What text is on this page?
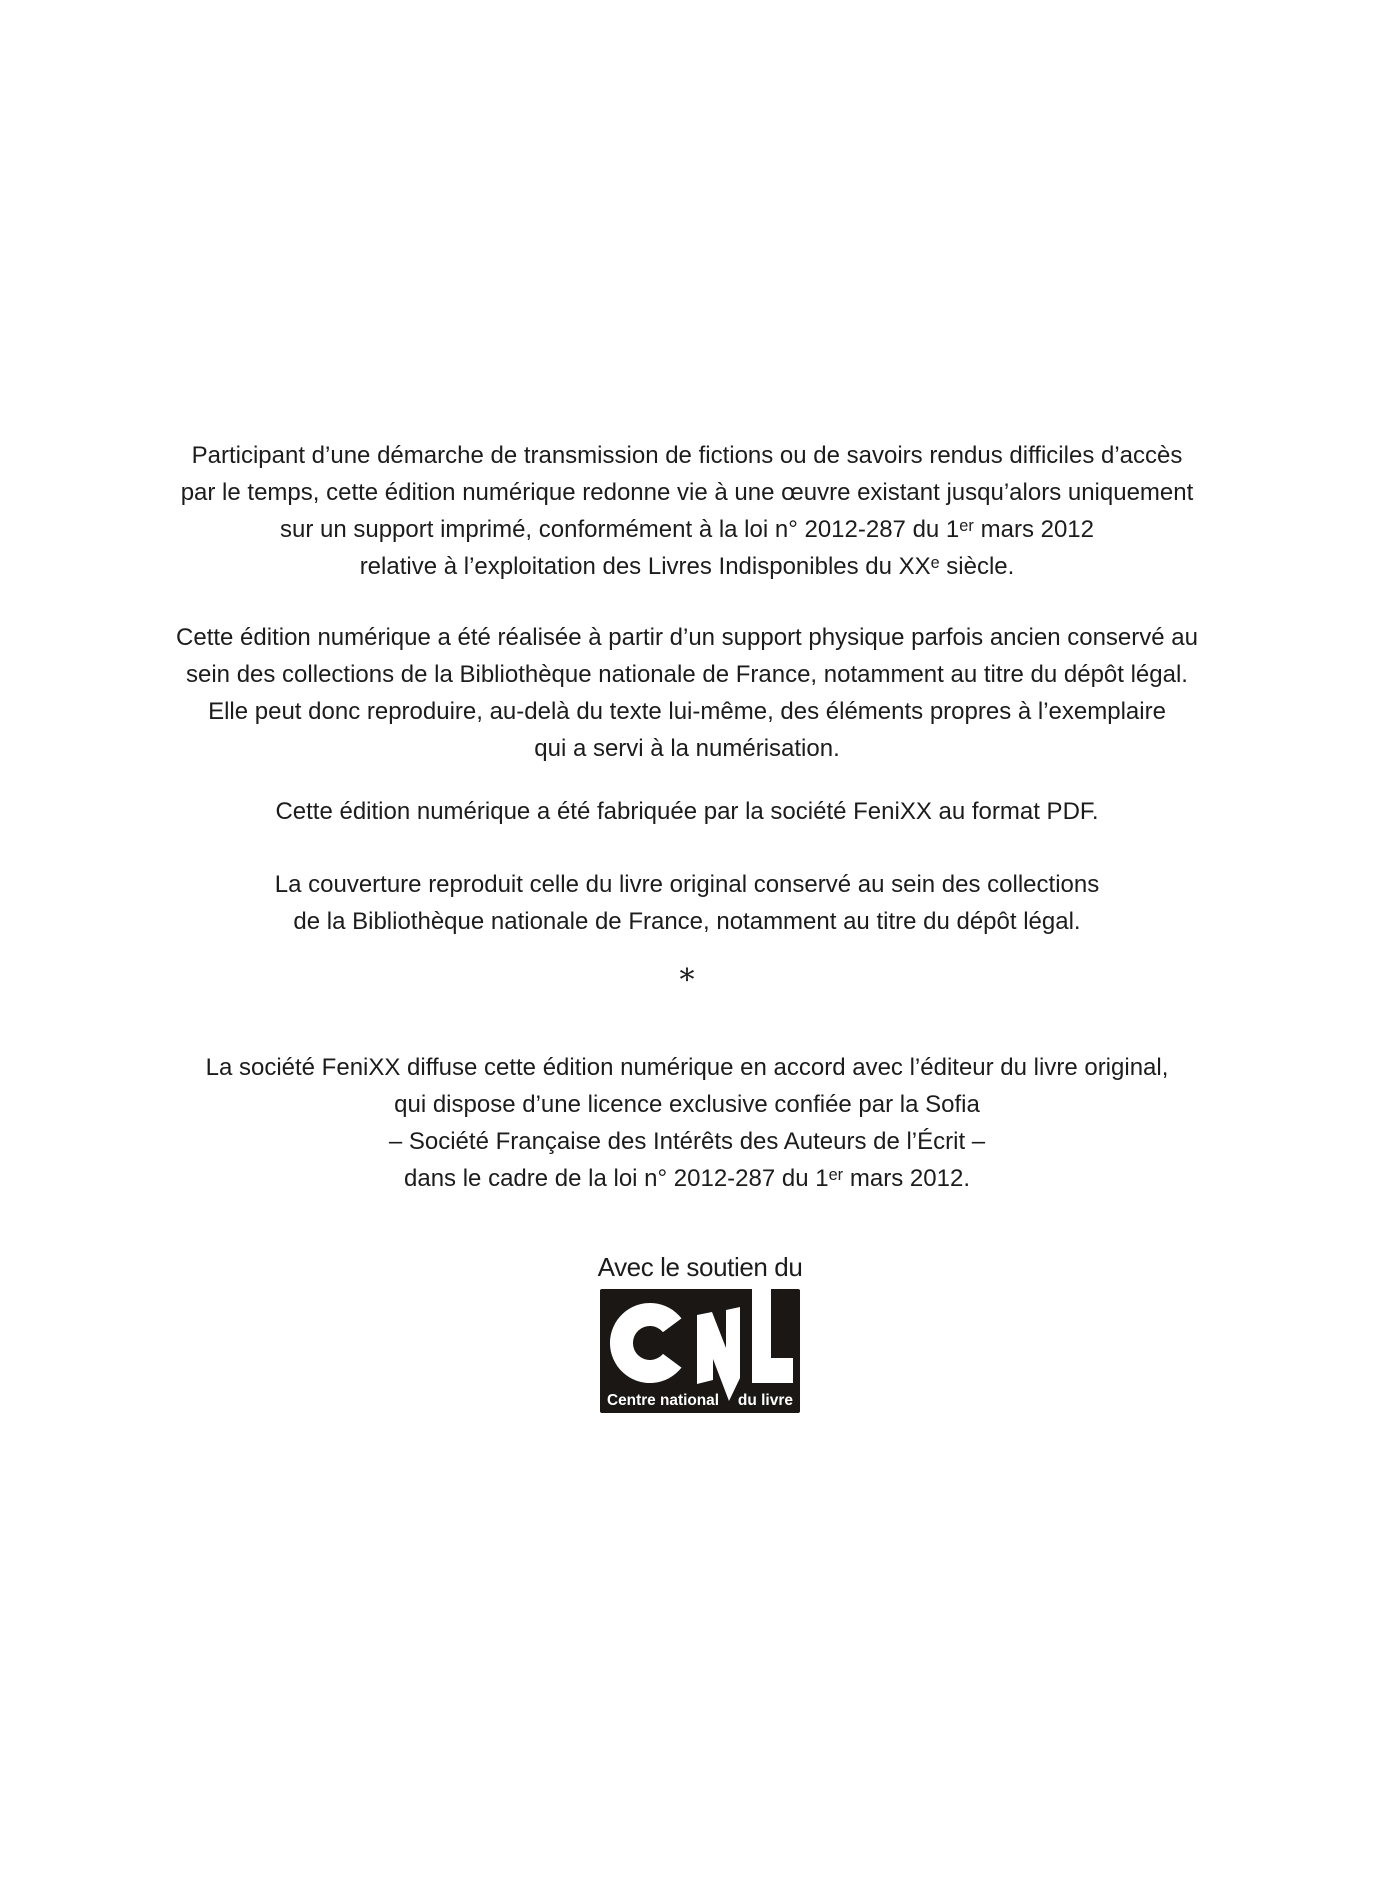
Participant d’une démarche de transmission de fictions ou de savoirs rendus difficiles d’accès
par le temps, cette édition numérique redonne vie à une œuvre existant jusqu’alors uniquement
sur un support imprimé, conformément à la loi n° 2012-287 du 1ᵉʳ mars 2012
relative à l’exploitation des Livres Indisponibles du XXᵉ siècle.

Cette édition numérique a été réalisée à partir d’un support physique parfois ancien conservé au
sein des collections de la Bibliothèque nationale de France, notamment au titre du dépôt légal.
Elle peut donc reproduire, au-delà du texte lui-même, des éléments propres à l’exemplaire
qui a servi à la numérisation.

Cette édition numérique a été fabriquée par la société FeniXX au format PDF.

La couverture reproduit celle du livre original conservé au sein des collections
de la Bibliothèque nationale de France, notamment au titre du dépôt légal.

*

La société FeniXX diffuse cette édition numérique en accord avec l’éditeur du livre original,
qui dispose d’une licence exclusive confiée par la Sofia
– Société Française des Intérêts des Auteurs de l’Écrit –
dans le cadre de la loi n° 2012-287 du 1ᵉʳ mars 2012.

Avec le soutien du
Centre national du livre
